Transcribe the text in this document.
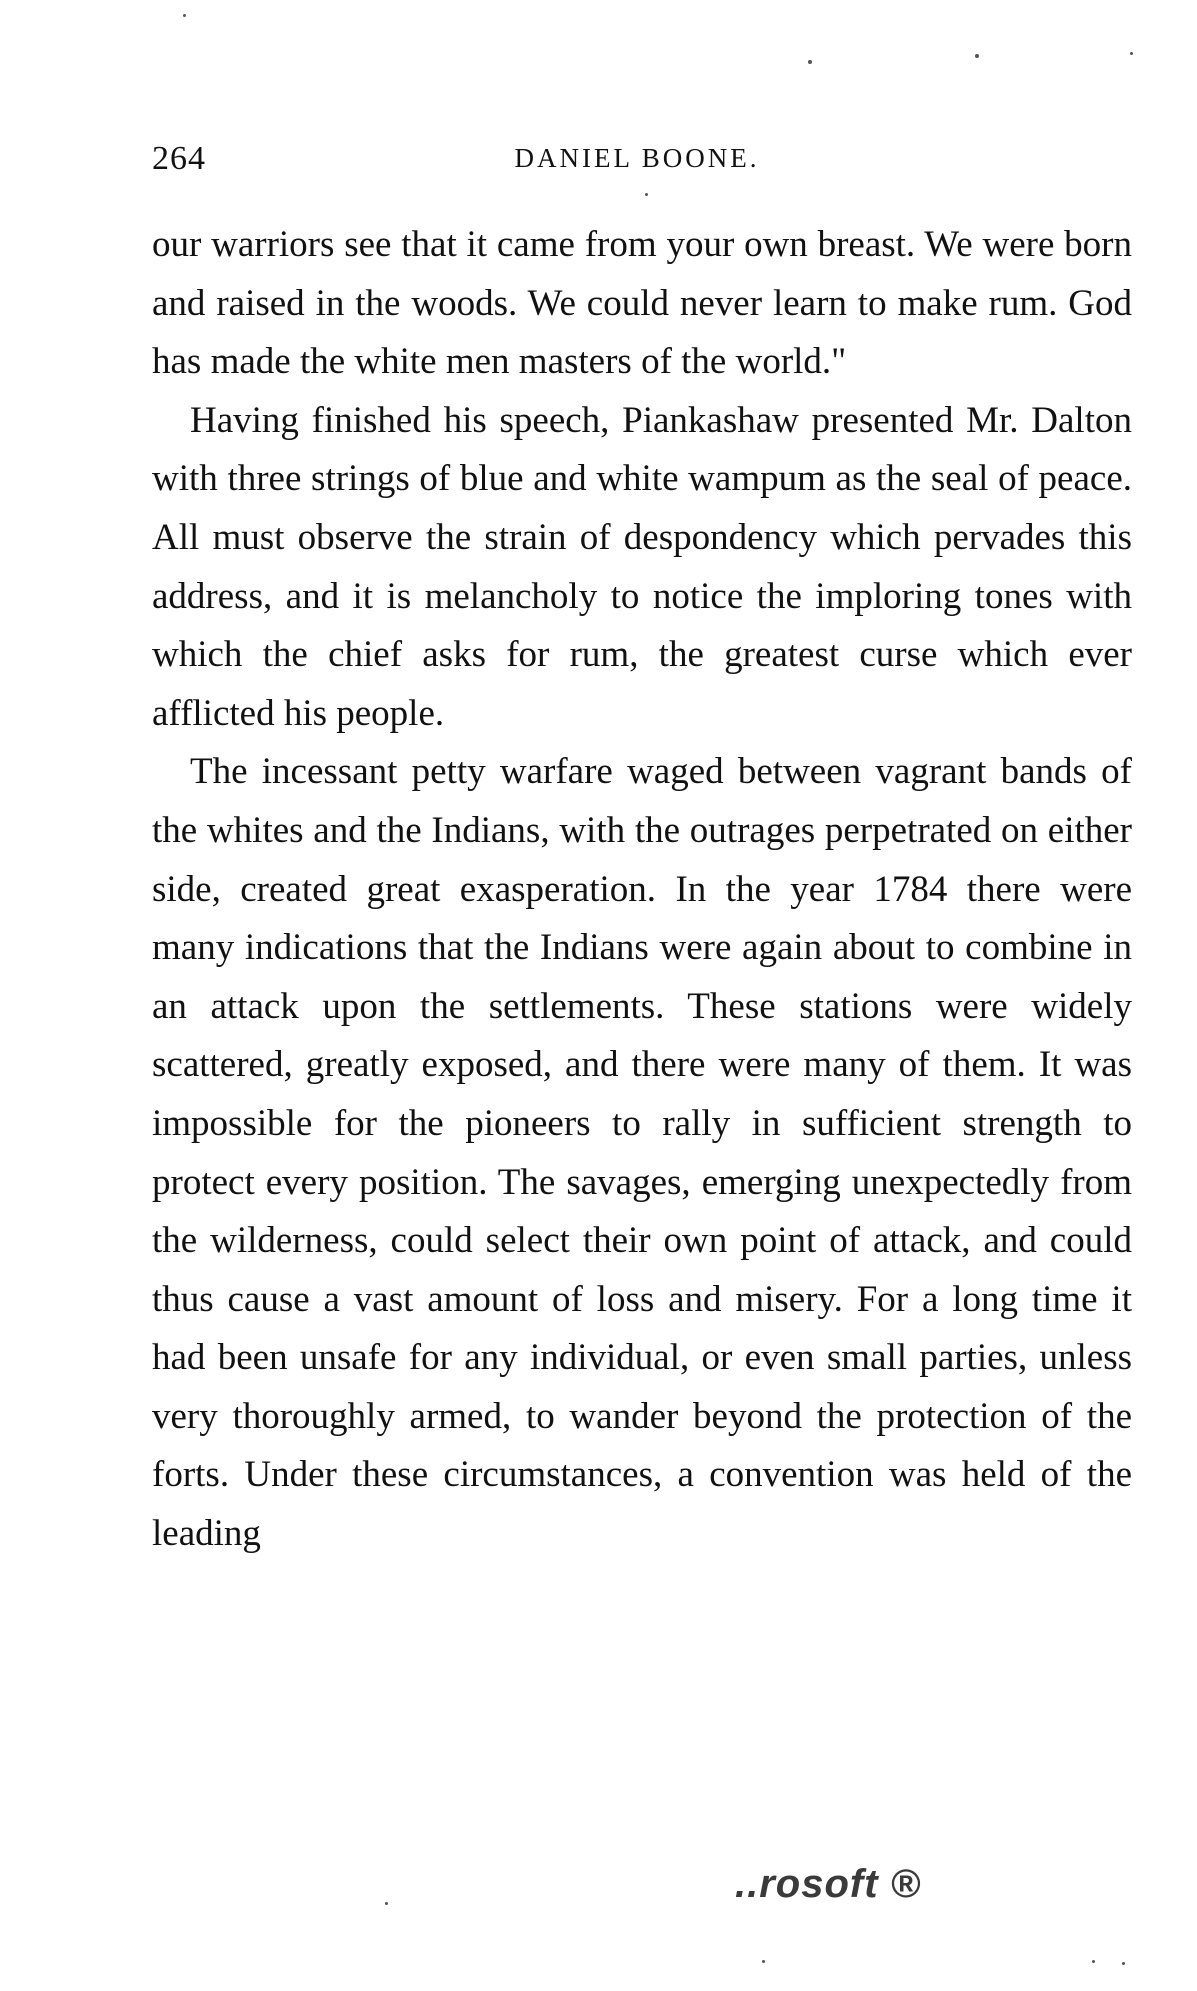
264	DANIEL BOONE.

our warriors see that it came from your own breast. We were born and raised in the woods. We could never learn to make rum. God has made the white men masters of the world."

Having finished his speech, Piankashaw presented Mr. Dalton with three strings of blue and white wampum as the seal of peace. All must observe the strain of despondency which pervades this address, and it is melancholy to notice the imploring tones with which the chief asks for rum, the greatest curse which ever afflicted his people.

The incessant petty warfare waged between vagrant bands of the whites and the Indians, with the outrages perpetrated on either side, created great exasperation. In the year 1784 there were many indications that the Indians were again about to combine in an attack upon the settlements. These stations were widely scattered, greatly exposed, and there were many of them. It was impossible for the pioneers to rally in sufficient strength to protect every position. The savages, emerging unexpectedly from the wilderness, could select their own point of attack, and could thus cause a vast amount of loss and misery. For a long time it had been unsafe for any individual, or even small parties, unless very thoroughly armed, to wander beyond the protection of the forts. Under these circumstances, a convention was held of the leading

..rosoft ®
